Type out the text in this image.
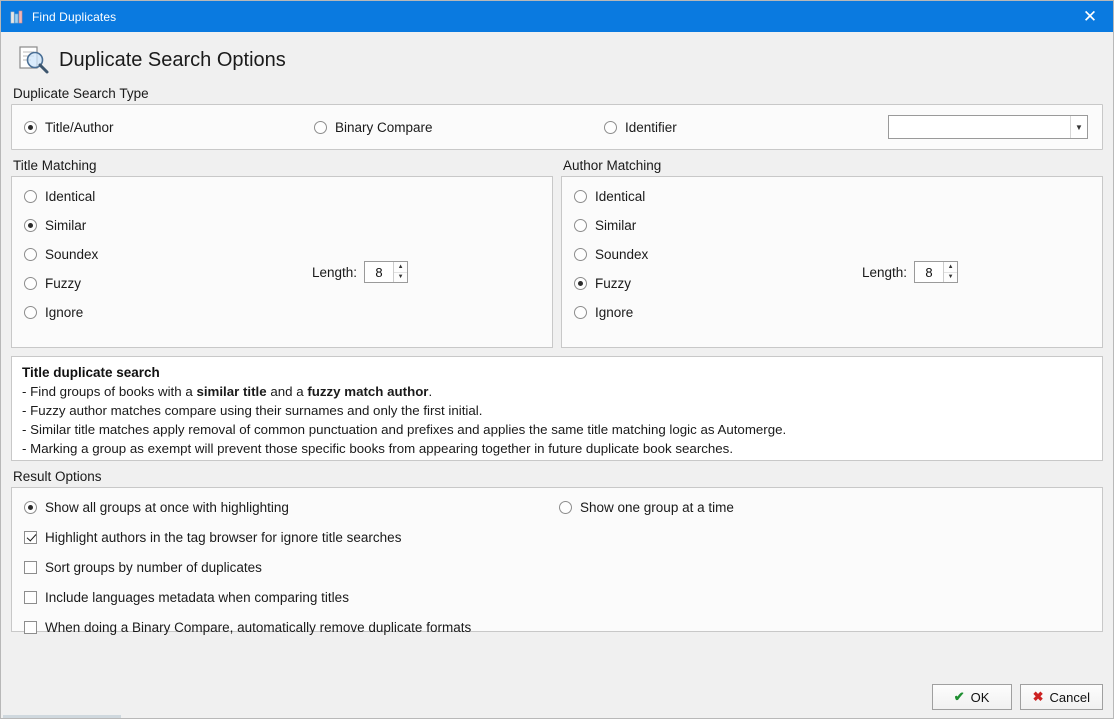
Find Duplicates	✕
Duplicate Search Options
Duplicate Search Type
Title/Author	Binary Compare	Identifier	▼
Title Matching
Identical
Similar
Soundex
Fuzzy
Ignore
Length:	8	▲
▼
Author Matching
Identical
Similar
Soundex
Fuzzy
Ignore
Length:	8	▲
▼
Title duplicate search
- Find groups of books with a similar title and a fuzzy match author.
- Fuzzy author matches compare using their surnames and only the first initial.
- Similar title matches apply removal of common punctuation and prefixes and applies the same title matching logic as Automerge.
- Marking a group as exempt will prevent those specific books from appearing together in future duplicate book searches.
Result Options
Show all groups at once with highlighting	Show one group at a time
Highlight authors in the tag browser for ignore title searches
Sort groups by number of duplicates
Include languages metadata when comparing titles
When doing a Binary Compare, automatically remove duplicate formats
✔ OK	✖ Cancel
